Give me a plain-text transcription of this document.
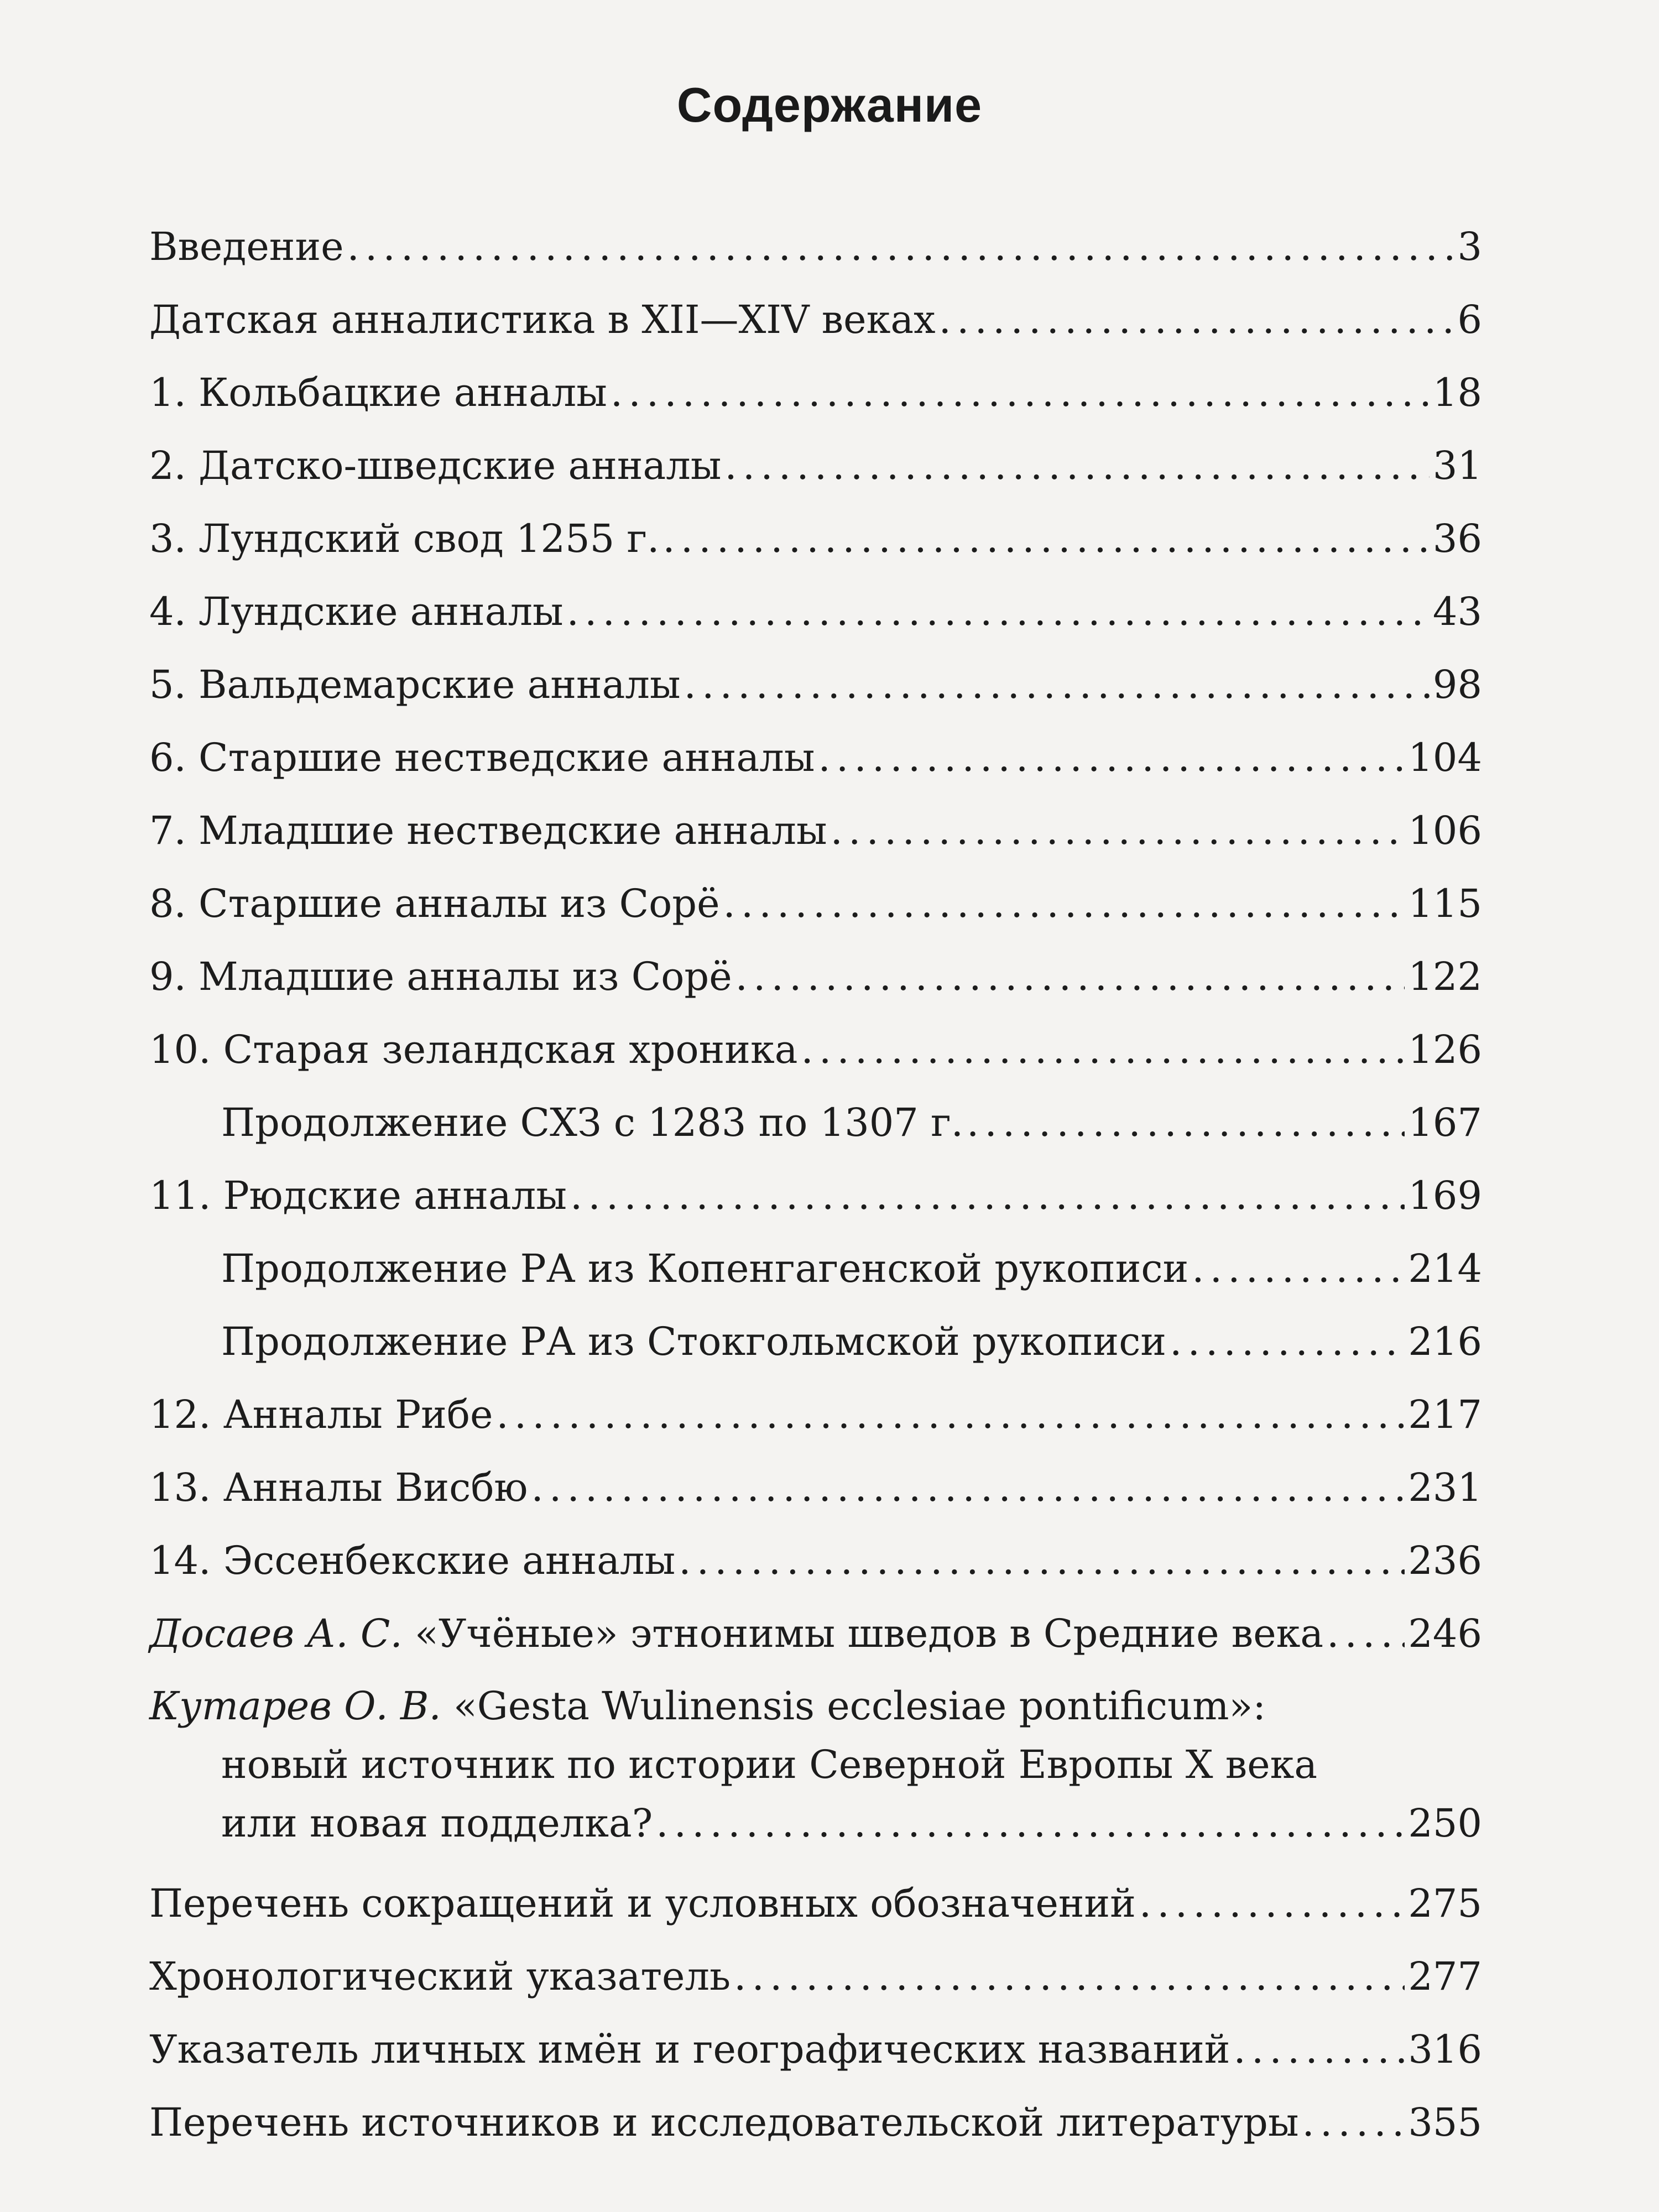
Содержание
Введение . . .	3
Датская анналистика в XII—XIV веках . . .	6
1. Кольбацкие анналы . . .	18
2. Датско-шведские анналы . . .	31
3. Лундский свод 1255 г. . . .	36
4. Лундские анналы . . .	43
5. Вальдемарские анналы . . .	98
6. Старшие нестведские анналы . . .	104
7. Младшие нестведские анналы . . .	106
8. Старшие анналы из Сорё . . .	115
9. Младшие анналы из Сорё . . .	122
10. Старая зеландская хроника . . .	126
Продолжение СХЗ с 1283 по 1307 г. . . .	167
11. Рюдские анналы . . .	169
Продолжение РА из Копенгагенской рукописи . . .	214
Продолжение РА из Стокгольмской рукописи . . .	216
12. Анналы Рибе . . .	217
13. Анналы Висбю . . .	231
14. Эссенбекские анналы . . .	236
Досаев А. С. «Учёные» этнонимы шведов в Средние века . . . 246
Кутарев О. В. «Gesta Wulinensis ecclesiae pontificum»:
новый источник по истории Северной Европы X века
или новая подделка? . . .	250
Перечень сокращений и условных обозначений . . .	275
Хронологический указатель . . .	277
Указатель личных имён и географических названий . . .	316
Перечень источников и исследовательской литературы . . .	355
